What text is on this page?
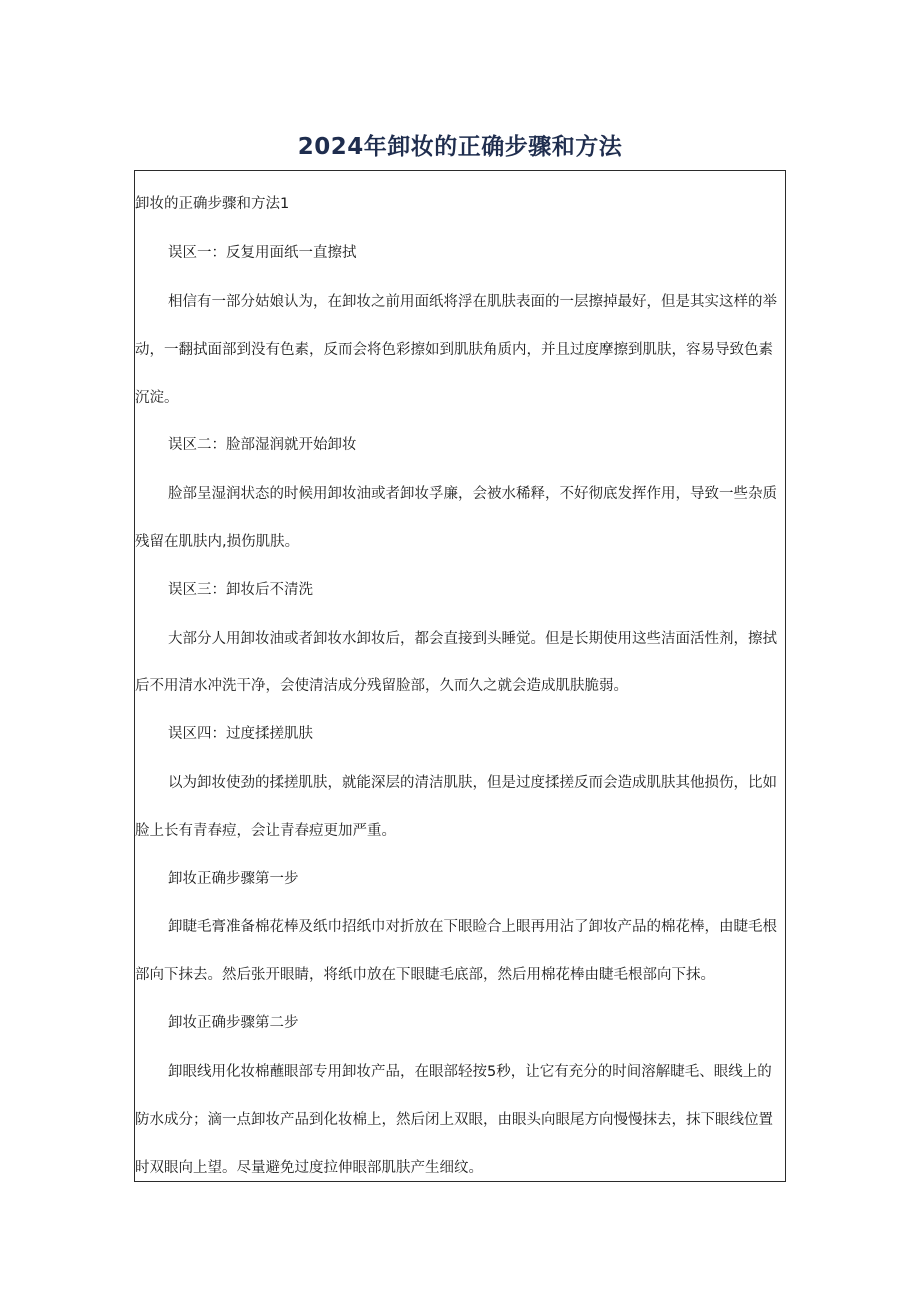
2024年卸妆的正确步骤和方法

卸妆的正确步骤和方法1

误区一：反复用面纸一直擦拭

相信有一部分姑娘认为，在卸妆之前用面纸将浮在肌肤表面的一层擦掉最好，但是其实这样的举

动，一翻拭面部到没有色素，反而会将色彩擦如到肌肤角质内，并且过度摩擦到肌肤，容易导致色素

沉淀。

误区二：脸部湿润就开始卸妆

脸部呈湿润状态的时候用卸妆油或者卸妆孚廉，会被水稀释，不好彻底发挥作用，导致一些杂质

残留在肌肤内,损伤肌肤。

误区三：卸妆后不清洗

大部分人用卸妆油或者卸妆水卸妆后，都会直接到头睡觉。但是长期使用这些洁面活性剂，擦拭

后不用清水冲洗干净，会使清洁成分残留脸部，久而久之就会造成肌肤脆弱。

误区四：过度揉搓肌肤

以为卸妆使劲的揉搓肌肤，就能深层的清洁肌肤，但是过度揉搓反而会造成肌肤其他损伤，比如

脸上长有青春痘，会让青春痘更加严重。

卸妆正确步骤第一步

卸睫毛膏准备棉花棒及纸巾招纸巾对折放在下眼睑合上眼再用沾了卸妆产品的棉花棒，由睫毛根

部向下抹去。然后张开眼睛，将纸巾放在下眼睫毛底部，然后用棉花棒由睫毛根部向下抹。

卸妆正确步骤第二步

卸眼线用化妆棉蘸眼部专用卸妆产品，在眼部轻按5秒，让它有充分的时间溶解睫毛、眼线上的

防水成分；滴一点卸妆产品到化妆棉上，然后闭上双眼，由眼头向眼尾方向慢慢抹去，抹下眼线位置

时双眼向上望。尽量避免过度拉伸眼部肌肤产生细纹。
